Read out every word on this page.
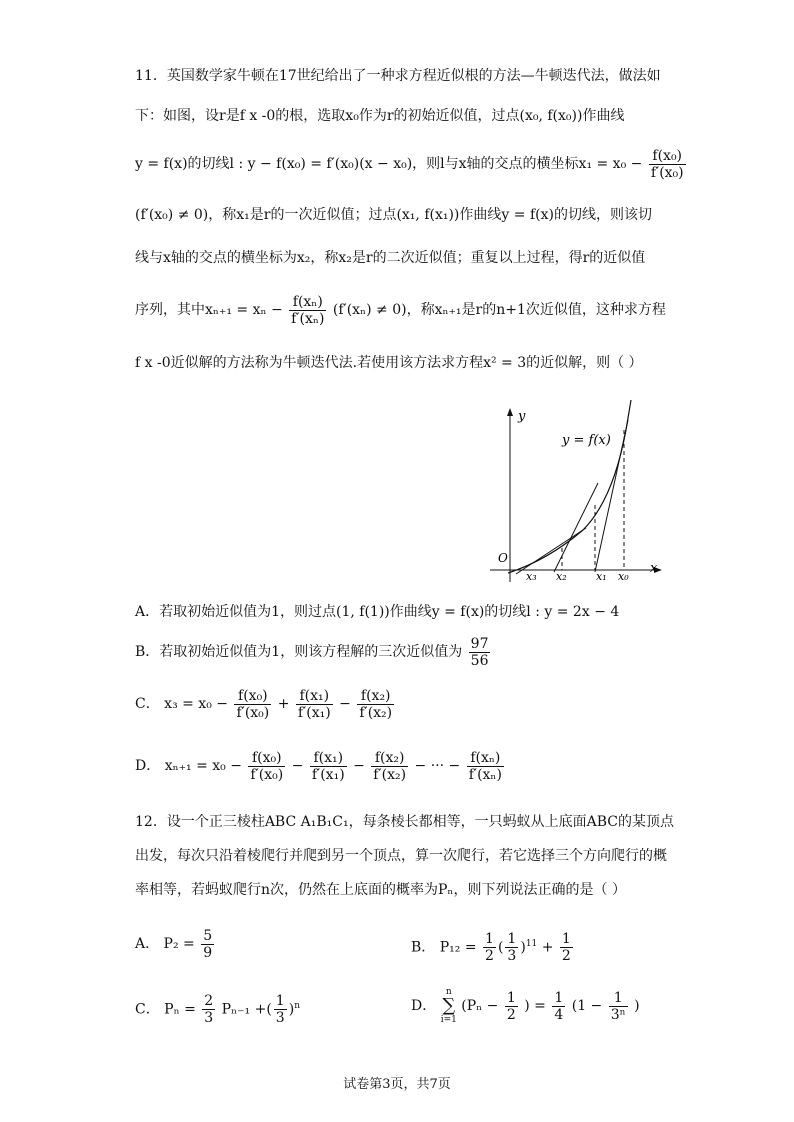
11．英国数学家牛顿在17世纪给出了一种求方程近似根的方法—牛顿迭代法，做法如
下：如图，设r是f x -0的根，选取x₀作为r的初始近似值，过点(x₀, f(x₀))作曲线
y = f(x)的切线l : y − f(x₀) = f′(x₀)(x − x₀)，则l与x轴的交点的横坐标$x_1 = x_0 - \frac{\text{f(x₀)}}{\text{f′(x₀)}}$
(f′(x₀) ≠ 0)，称x₁是r的一次近似值；过点(x₁, f(x₁))作曲线y = f(x)的切线，则该切
线与x轴的交点的横坐标为x₂，称x₂是r的二次近似值；重复以上过程，得r的近似值
序列，其中$x_{n+1} = x_n - \frac{\text{f(xₙ)}}{\text{f′(xₙ)}} (f'(x_n) \ne 0)$，称xₙ₊₁是r的n+1次近似值，这种求方程
f x -0近似解的方法称为牛顿迭代法.若使用该方法求方程x² = 3的近似解，则（ ）
y
x
O
y = f(x)
x₃ x₂	x₁ x₀
A．若取初始近似值为1，则过点(1, f(1))作曲线y = f(x)的切线l : y = 2x − 4
B．若取初始近似值为1，则该方程解的三次近似值为 $\frac{97}{56}$
C． $x_3 = x_0 - \frac{\text{f(x₀)}}{\text{f′(x₀)}} + \frac{\text{f(x₁)}}{\text{f′(x₁)}} - \frac{\text{f(x₂)}}{\text{f′(x₂)}}$
D． $x_{n+1} = x_0 - \frac{\text{f(x₀)}}{\text{f′(x₀)}} - \frac{\text{f(x₁)}}{\text{f′(x₁)}} - \frac{\text{f(x₂)}}{\text{f′(x₂)}}$ − ··· − $\frac{\text{f(xₙ)}}{\text{f′(xₙ)}}$
12．设一个正三棱柱ABC A₁B₁C₁，每条棱长都相等，一只蚂蚁从上底面ABC的某顶点
出发，每次只沿着棱爬行并爬到另一个顶点，算一次爬行，若它选择三个方向爬行的概
率相等，若蚂蚁爬行n次，仍然在上底面的概率为Pₙ，则下列说法正确的是（ ）
A． $P_2 = \frac{5}{9}$	B． $P_{12} = \frac{1}{2}$ ( $\frac{1}{3} )^{11} + \frac{1}{2}$
C． $P_n = \frac{2}{3} P_{n-1}$ +( $\frac{1}{3} )^n$	D．
n
∑
i=1
($P_n - \frac{1}{2}$ ) = $\frac{1}{4} (1 - \frac{1}{\text{3ⁿ}}$ )
试卷第3页，共7页
